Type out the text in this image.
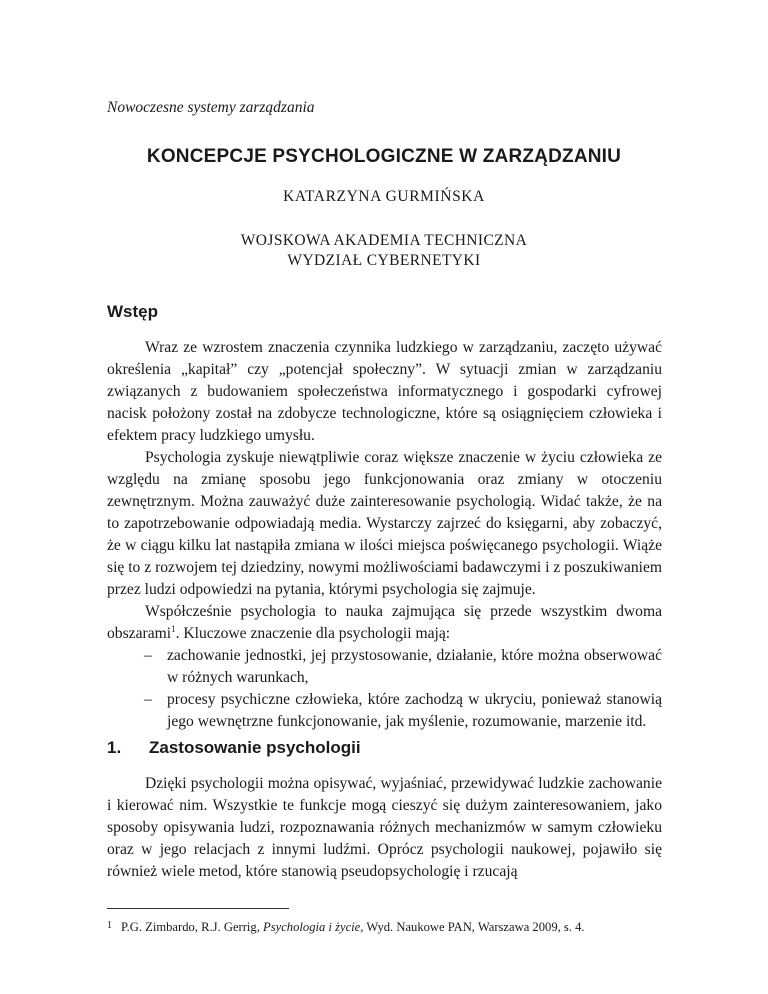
Nowoczesne systemy zarządzania
KONCEPCJE PSYCHOLOGICZNE W ZARZĄDZANIU
KATARZYNA GURMIŃSKA
WOJSKOWA AKADEMIA TECHNICZNA
WYDZIAŁ CYBERNETYKI
Wstęp

Wraz ze wzrostem znaczenia czynnika ludzkiego w zarządzaniu, zaczęto używać określenia „kapitał” czy „potencjał społeczny”. W sytuacji zmian w zarządzaniu związanych z budowaniem społeczeństwa informatycznego i gospodarki cyfrowej nacisk położony został na zdobycze technologiczne, które są osiągnięciem człowieka i efektem pracy ludzkiego umysłu.

Psychologia zyskuje niewątpliwie coraz większe znaczenie w życiu człowieka ze względu na zmianę sposobu jego funkcjonowania oraz zmiany w otoczeniu zewnętrznym. Można zauważyć duże zainteresowanie psychologią. Widać także, że na to zapotrzebowanie odpowiadają media. Wystarczy zajrzeć do księgarni, aby zobaczyć, że w ciągu kilku lat nastąpiła zmiana w ilości miejsca poświęcanego psychologii. Wiąże się to z rozwojem tej dziedziny, nowymi możliwościami badawczymi i z poszukiwaniem przez ludzi odpowiedzi na pytania, którymi psychologia się zajmuje.

Współcześnie psychologia to nauka zajmująca się przede wszystkim dwoma obszarami$^1$. Kluczowe znaczenie dla psychologii mają:

– zachowanie jednostki, jej przystosowanie, działanie, które można obserwować w różnych warunkach,
– procesy psychiczne człowieka, które zachodzą w ukryciu, ponieważ stanowią jego wewnętrzne funkcjonowanie, jak myślenie, rozumowanie, marzenie itd.
1. Zastosowanie psychologii

Dzięki psychologii można opisywać, wyjaśniać, przewidywać ludzkie zachowanie i kierować nim. Wszystkie te funkcje mogą cieszyć się dużym zainteresowaniem, jako sposoby opisywania ludzi, rozpoznawania różnych mechanizmów w samym człowieku oraz w jego relacjach z innymi ludźmi. Oprócz psychologii naukowej, pojawiło się również wiele metod, które stanowią pseudopsychologię i rzucają

1 P.G. Zimbardo, R.J. Gerrig, Psychologia i życie, Wyd. Naukowe PAN, Warszawa 2009, s. 4.
